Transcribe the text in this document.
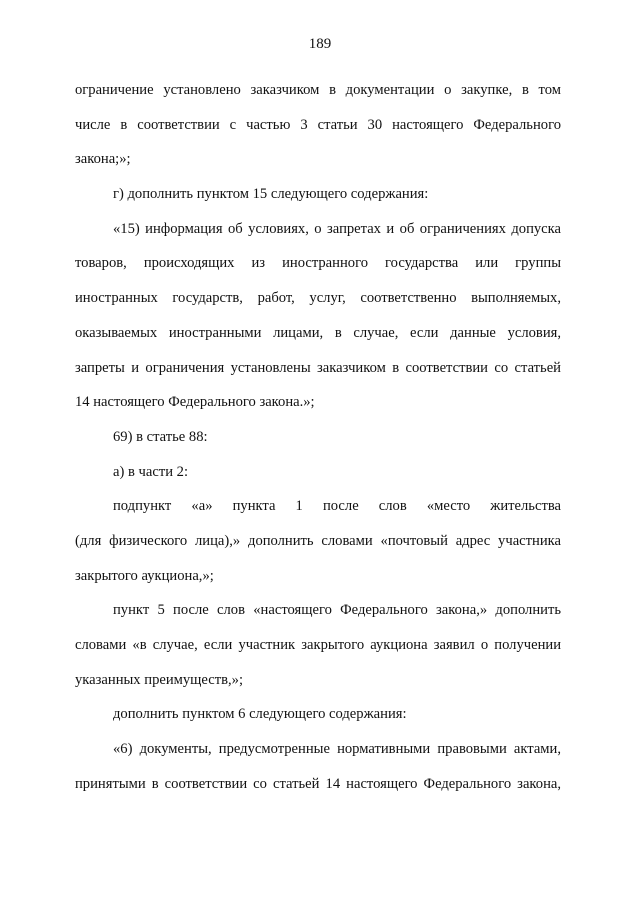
189
ограничение установлено заказчиком в документации о закупке, в том
числе в соответствии с частью 3 статьи 30 настоящего Федерального
закона;»;
г) дополнить пунктом 15 следующего содержания:
«15) информация об условиях, о запретах и об ограничениях допуска
товаров, происходящих из иностранного государства или группы
иностранных государств, работ, услуг, соответственно выполняемых,
оказываемых иностранными лицами, в случае, если данные условия,
запреты и ограничения установлены заказчиком в соответствии со статьей
14 настоящего Федерального закона.»;
69) в статье 88:
а) в части 2:
подпункт «а» пункта 1 после слов «место жительства
(для физического лица),» дополнить словами «почтовый адрес участника
закрытого аукциона,»;
пункт 5 после слов «настоящего Федерального закона,» дополнить
словами «в случае, если участник закрытого аукциона заявил о получении
указанных преимуществ,»;
дополнить пунктом 6 следующего содержания:
«6) документы, предусмотренные нормативными правовыми актами,
принятыми в соответствии со статьей 14 настоящего Федерального закона,
